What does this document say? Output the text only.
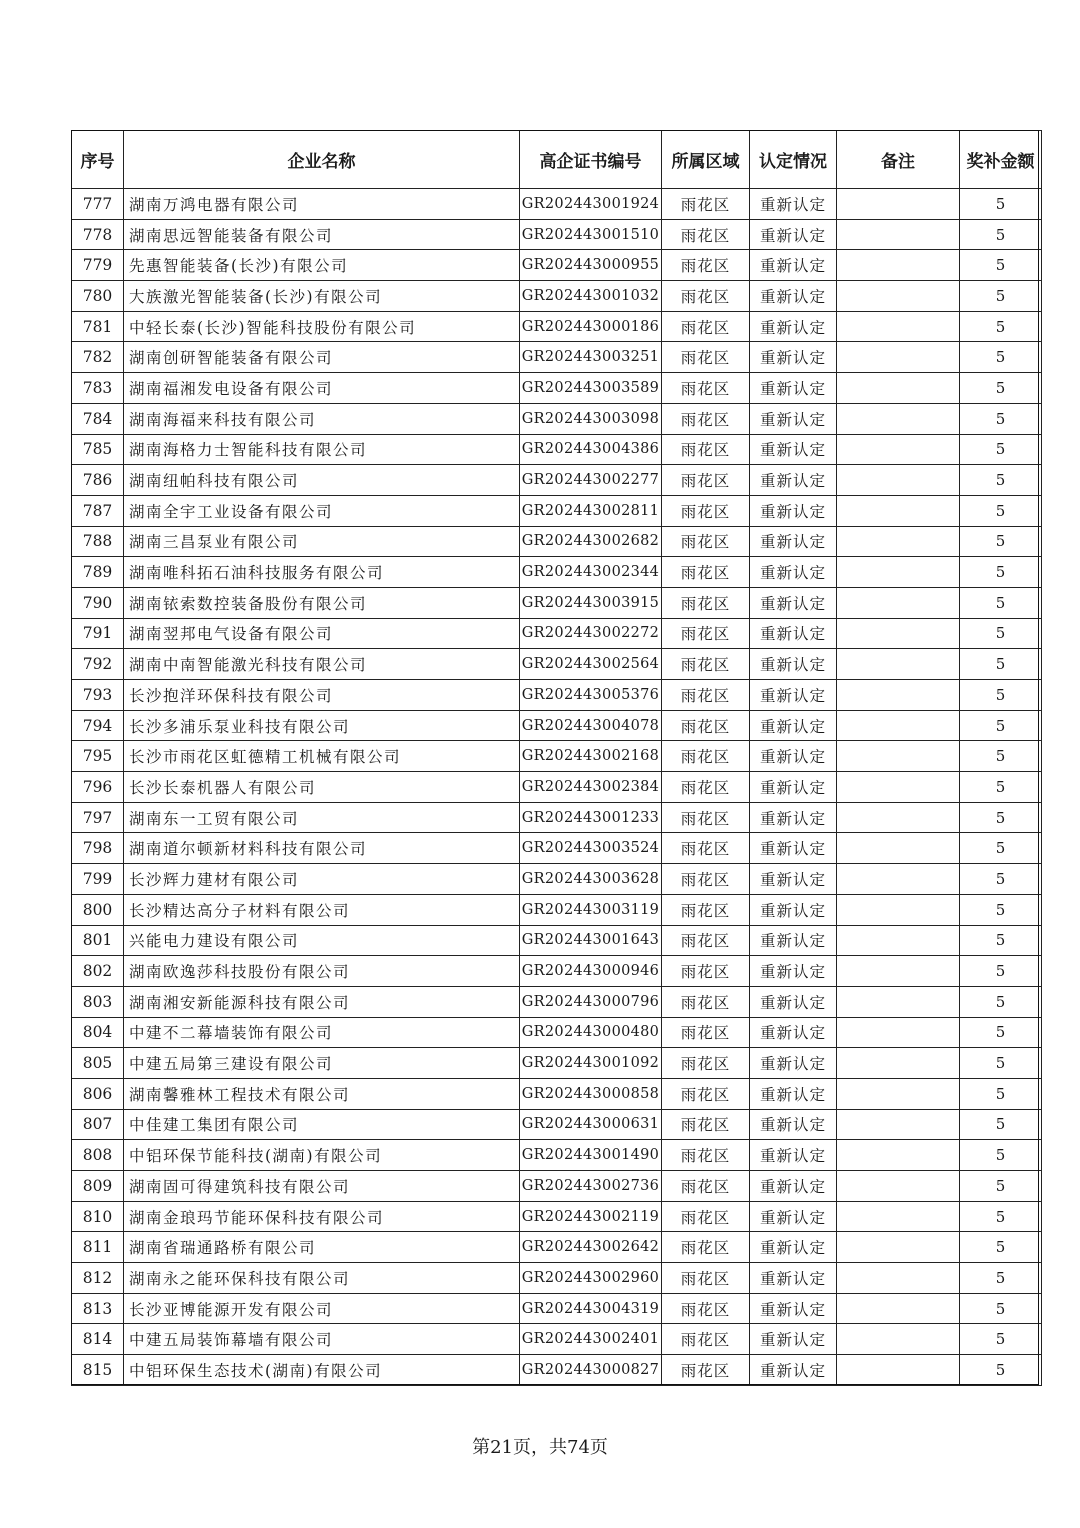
序号	企业名称	高企证书编号	所属区域	认定情况	备注	奖补金额
777	湖南万鸿电器有限公司	GR202443001924	雨花区	重新认定		5
778	湖南思远智能装备有限公司	GR202443001510	雨花区	重新认定		5
779	先惠智能装备(长沙)有限公司	GR202443000955	雨花区	重新认定		5
780	大族激光智能装备(长沙)有限公司	GR202443001032	雨花区	重新认定		5
781	中轻长泰(长沙)智能科技股份有限公司	GR202443000186	雨花区	重新认定		5
782	湖南创研智能装备有限公司	GR202443003251	雨花区	重新认定		5
783	湖南福湘发电设备有限公司	GR202443003589	雨花区	重新认定		5
784	湖南海福来科技有限公司	GR202443003098	雨花区	重新认定		5
785	湖南海格力士智能科技有限公司	GR202443004386	雨花区	重新认定		5
786	湖南纽帕科技有限公司	GR202443002277	雨花区	重新认定		5
787	湖南全宇工业设备有限公司	GR202443002811	雨花区	重新认定		5
788	湖南三昌泵业有限公司	GR202443002682	雨花区	重新认定		5
789	湖南唯科拓石油科技服务有限公司	GR202443002344	雨花区	重新认定		5
790	湖南铱索数控装备股份有限公司	GR202443003915	雨花区	重新认定		5
791	湖南翌邦电气设备有限公司	GR202443002272	雨花区	重新认定		5
792	湖南中南智能激光科技有限公司	GR202443002564	雨花区	重新认定		5
793	长沙抱洋环保科技有限公司	GR202443005376	雨花区	重新认定		5
794	长沙多浦乐泵业科技有限公司	GR202443004078	雨花区	重新认定		5
795	长沙市雨花区虹德精工机械有限公司	GR202443002168	雨花区	重新认定		5
796	长沙长泰机器人有限公司	GR202443002384	雨花区	重新认定		5
797	湖南东一工贸有限公司	GR202443001233	雨花区	重新认定		5
798	湖南道尔顿新材料科技有限公司	GR202443003524	雨花区	重新认定		5
799	长沙辉力建材有限公司	GR202443003628	雨花区	重新认定		5
800	长沙精达高分子材料有限公司	GR202443003119	雨花区	重新认定		5
801	兴能电力建设有限公司	GR202443001643	雨花区	重新认定		5
802	湖南欧逸莎科技股份有限公司	GR202443000946	雨花区	重新认定		5
803	湖南湘安新能源科技有限公司	GR202443000796	雨花区	重新认定		5
804	中建不二幕墙装饰有限公司	GR202443000480	雨花区	重新认定		5
805	中建五局第三建设有限公司	GR202443001092	雨花区	重新认定		5
806	湖南馨雅林工程技术有限公司	GR202443000858	雨花区	重新认定		5
807	中佳建工集团有限公司	GR202443000631	雨花区	重新认定		5
808	中铝环保节能科技(湖南)有限公司	GR202443001490	雨花区	重新认定		5
809	湖南固可得建筑科技有限公司	GR202443002736	雨花区	重新认定		5
810	湖南金琅玛节能环保科技有限公司	GR202443002119	雨花区	重新认定		5
811	湖南省瑞通路桥有限公司	GR202443002642	雨花区	重新认定		5
812	湖南永之能环保科技有限公司	GR202443002960	雨花区	重新认定		5
813	长沙亚博能源开发有限公司	GR202443004319	雨花区	重新认定		5
814	中建五局装饰幕墙有限公司	GR202443002401	雨花区	重新认定		5
815	中铝环保生态技术(湖南)有限公司	GR202443000827	雨花区	重新认定		5
第21页，共74页
